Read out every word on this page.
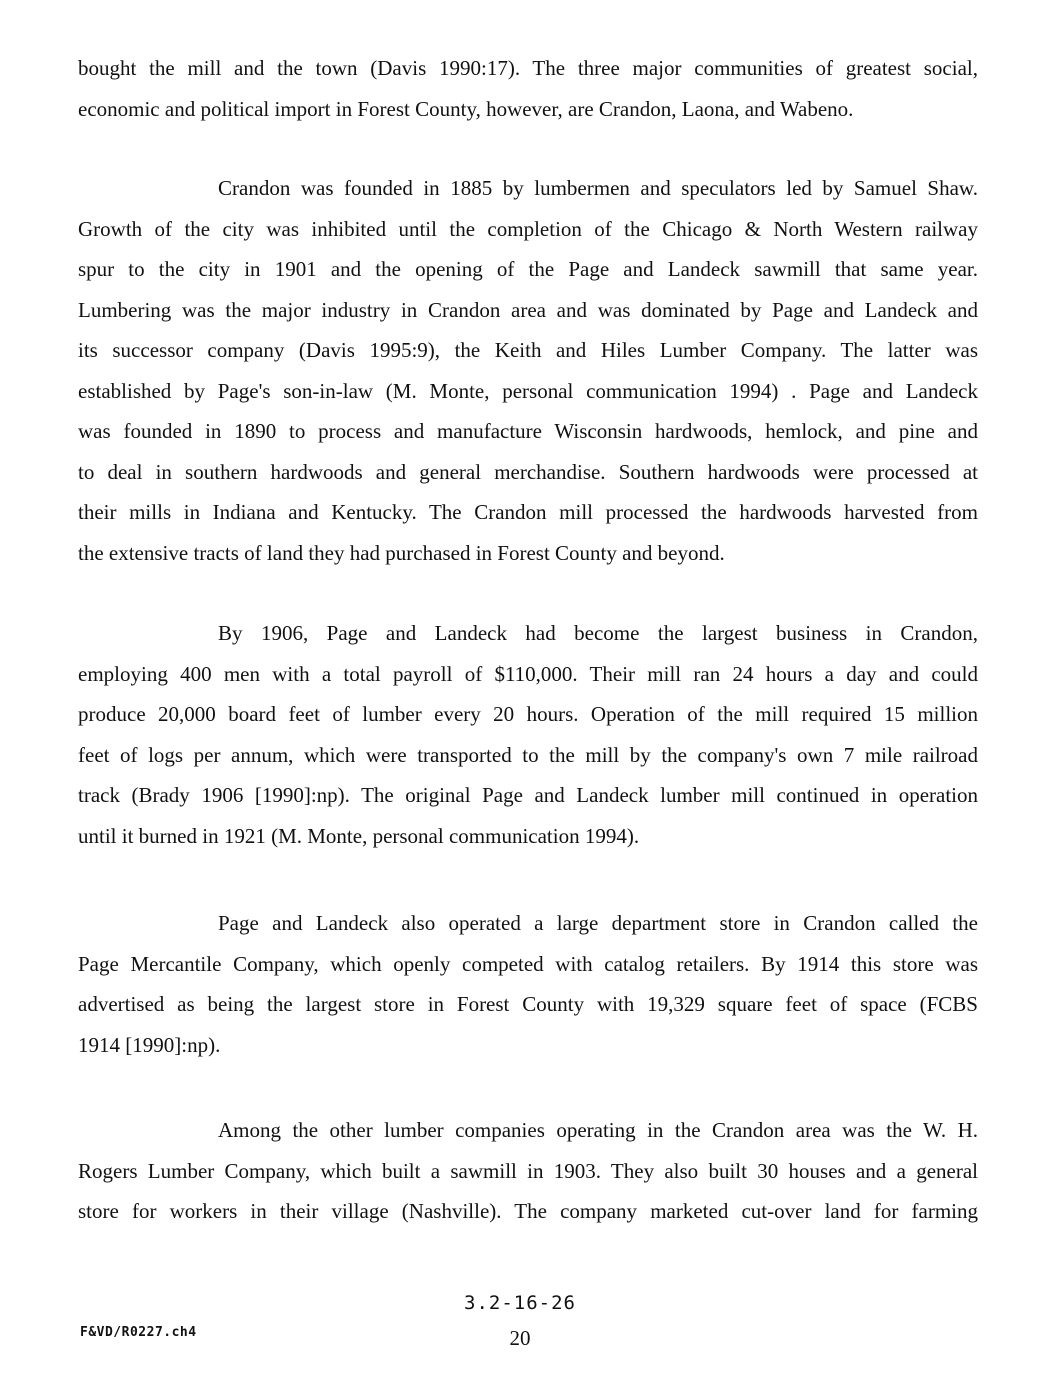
bought the mill and the town (Davis 1990:17). The three major communities of greatest social,
economic and political import in Forest County, however, are Crandon, Laona, and Wabeno.
Crandon was founded in 1885 by lumbermen and speculators led by Samuel Shaw.
Growth of the city was inhibited until the completion of the Chicago & North Western railway
spur to the city in 1901 and the opening of the Page and Landeck sawmill that same year.
Lumbering was the major industry in Crandon area and was dominated by Page and Landeck and
its successor company (Davis 1995:9), the Keith and Hiles Lumber Company. The latter was
established by Page's son-in-law (M. Monte, personal communication 1994) . Page and Landeck
was founded in 1890 to process and manufacture Wisconsin hardwoods, hemlock, and pine and
to deal in southern hardwoods and general merchandise. Southern hardwoods were processed at
their mills in Indiana and Kentucky. The Crandon mill processed the hardwoods harvested from
the extensive tracts of land they had purchased in Forest County and beyond.
By 1906, Page and Landeck had become the largest business in Crandon,
employing 400 men with a total payroll of $110,000. Their mill ran 24 hours a day and could
produce 20,000 board feet of lumber every 20 hours. Operation of the mill required 15 million
feet of logs per annum, which were transported to the mill by the company's own 7 mile railroad
track (Brady 1906 [1990]:np). The original Page and Landeck lumber mill continued in operation
until it burned in 1921 (M. Monte, personal communication 1994).
Page and Landeck also operated a large department store in Crandon called the
Page Mercantile Company, which openly competed with catalog retailers. By 1914 this store was
advertised as being the largest store in Forest County with 19,329 square feet of space (FCBS
1914 [1990]:np).
Among the other lumber companies operating in the Crandon area was the W. H.
Rogers Lumber Company, which built a sawmill in 1903. They also built 30 houses and a general
store for workers in their village (Nashville). The company marketed cut-over land for farming
3.2-16-26
F&VD/R0227.ch4	20
